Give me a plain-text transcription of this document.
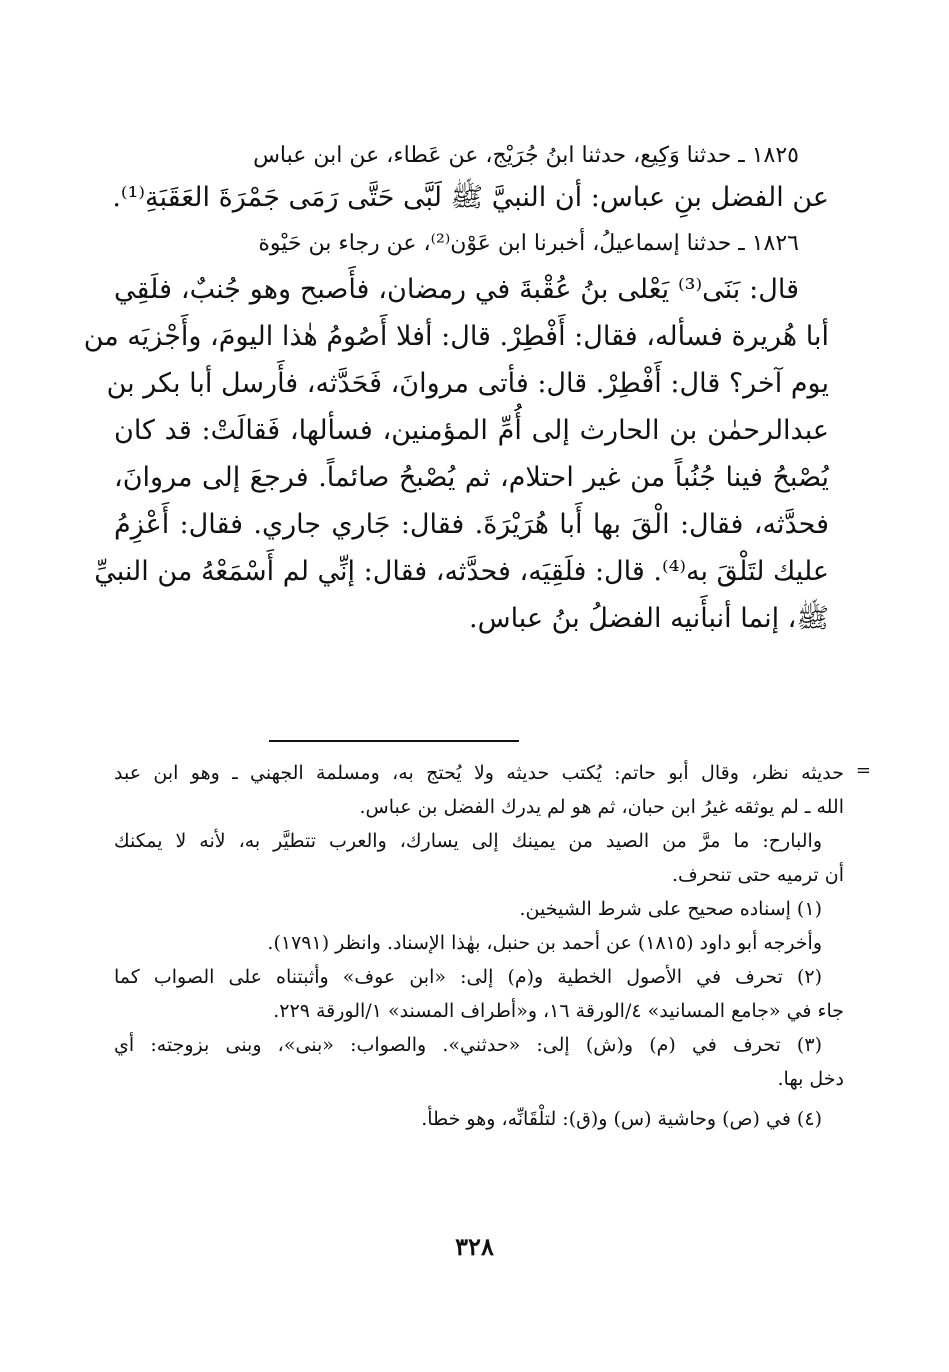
١٨٢٥ ـ حدثنا وَكِيع، حدثنا ابنُ جُرَيْج، عن عَطاء، عن ابن عباس
عن الفضل بنِ عباس: أن النبيَّ ﷺ لَبَّى حَتَّى رَمَى جَمْرَةَ العَقَبَةِ⁽¹⁾.
١٨٢٦ ـ حدثنا إسماعيلُ، أخبرنا ابن عَوْن⁽²⁾، عن رجاء بن حَيْوة
قال: بَنَى⁽³⁾ يَعْلى بنُ عُقْبةَ في رمضان، فأَصبح وهو جُنبٌ، فلَقِي
أبا هُريرة فسأله، فقال: أَفْطِرْ. قال: أفلا أَصُومُ هٰذا اليومَ، وأَجْزيَه من
يوم آخر؟ قال: أَفْطِرْ. قال: فأتى مروانَ، فَحَدَّثه، فأَرسل أبا بكر بن
عبدالرحمٰن بن الحارث إلى أُمِّ المؤمنين، فسألها، فَقالَتْ: قد كان
يُصْبحُ فينا جُنُباً من غير احتلام، ثم يُصْبحُ صائماً. فرجعَ إلى مروانَ،
فحدَّثه، فقال: الْقَ بها أَبا هُرَيْرَةَ. فقال: جَاري جاري. فقال: أَعْزِمُ
عليك لتَلْقَ به⁽⁴⁾. قال: فلَقِيَه، فحدَّثه، فقال: إنِّي لم أَسْمَعْهُ من النبيِّ
ﷺ، إنما أنبأَنيه الفضلُ بنُ عباس.
=
حديثه نظر، وقال أبو حاتم: يُكتب حديثه ولا يُحتج به، ومسلمة الجهني ـ وهو ابن عبد
الله ـ لم يوثقه غيرُ ابن حبان، ثم هو لم يدرك الفضل بن عباس.
والبارح: ما مرَّ من الصيد من يمينك إلى يسارك، والعرب تتطيَّر به، لأنه لا يمكنك
أن ترميه حتى تنحرف.
(١) إسناده صحيح على شرط الشيخين.
وأخرجه أبو داود (١٨١٥) عن أحمد بن حنبل، بهٰذا الإسناد. وانظر (١٧٩١).
(٢) تحرف في الأصول الخطية و(م) إلى: «ابن عوف» وأثبتناه على الصواب كما
جاء في «جامع المسانيد» ٤/الورقة ١٦، و«أطراف المسند» ١/الورقة ٢٢٩.
(٣) تحرف في (م) و(ش) إلى: «حدثني». والصواب: «بنى»، وبنى بزوجته: أي
دخل بها.
(٤) في (ص) وحاشية (س) و(ق): لتلْقَانِّه، وهو خطأ.
٣٢٨
